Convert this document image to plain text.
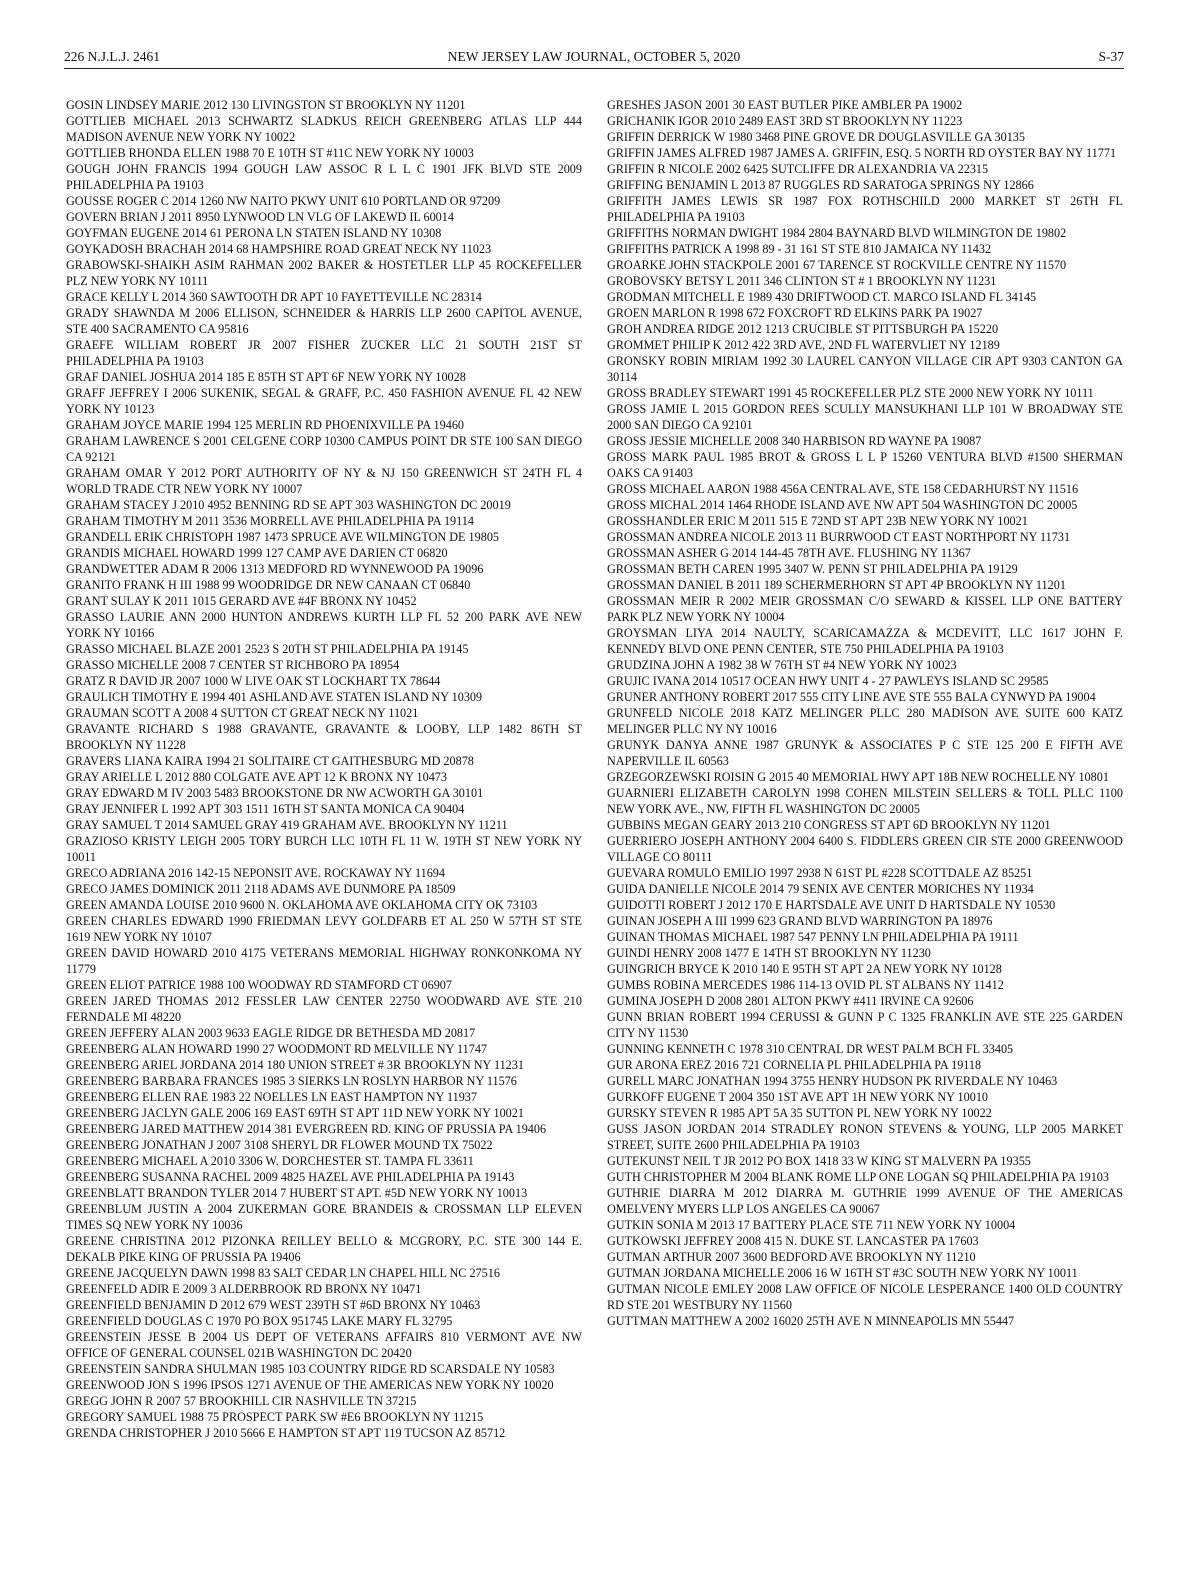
226 N.J.L.J. 2461	NEW JERSEY LAW JOURNAL, OCTOBER 5, 2020	S-37

GOSIN LINDSEY MARIE 2012 130 LIVINGSTON ST BROOKLYN NY 11201

GOTTLIEB MICHAEL 2013 SCHWARTZ SLADKUS REICH GREENBERG ATLAS LLP 444 MADISON AVENUE NEW YORK NY 10022

GOTTLIEB RHONDA ELLEN 1988 70 E 10TH ST #11C NEW YORK NY 10003

GOUGH JOHN FRANCIS 1994 GOUGH LAW ASSOC R L L C 1901 JFK BLVD STE 2009 PHILADELPHIA PA 19103

GOUSSE ROGER C 2014 1260 NW NAITO PKWY UNIT 610 PORTLAND OR 97209

GOVERN BRIAN J 2011 8950 LYNWOOD LN VLG OF LAKEWD IL 60014

GOYFMAN EUGENE 2014 61 PERONA LN STATEN ISLAND NY 10308

GOYKADOSH BRACHAH 2014 68 HAMPSHIRE ROAD GREAT NECK NY 11023

GRABOWSKI-SHAIKH ASIM RAHMAN 2002 BAKER & HOSTETLER LLP 45 ROCKEFELLER PLZ NEW YORK NY 10111

GRACE KELLY L 2014 360 SAWTOOTH DR APT 10 FAYETTEVILLE NC 28314

GRADY SHAWNDA M 2006 ELLISON, SCHNEIDER & HARRIS LLP 2600 CAPITOL AVENUE, STE 400 SACRAMENTO CA 95816

GRAEFE WILLIAM ROBERT JR 2007 FISHER ZUCKER LLC 21 SOUTH 21ST ST PHILADELPHIA PA 19103

GRAF DANIEL JOSHUA 2014 185 E 85TH ST APT 6F NEW YORK NY 10028

GRAFF JEFFREY I 2006 SUKENIK, SEGAL & GRAFF, P.C. 450 FASHION AVENUE FL 42 NEW YORK NY 10123

GRAHAM JOYCE MARIE 1994 125 MERLIN RD PHOENIXVILLE PA 19460

GRAHAM LAWRENCE S 2001 CELGENE CORP 10300 CAMPUS POINT DR STE 100 SAN DIEGO CA 92121

GRAHAM OMAR Y 2012 PORT AUTHORITY OF NY & NJ 150 GREENWICH ST 24TH FL 4 WORLD TRADE CTR NEW YORK NY 10007

GRAHAM STACEY J 2010 4952 BENNING RD SE APT 303 WASHINGTON DC 20019

GRAHAM TIMOTHY M 2011 3536 MORRELL AVE PHILADELPHIA PA 19114

GRANDELL ERIK CHRISTOPH 1987 1473 SPRUCE AVE WILMINGTON DE 19805

GRANDIS MICHAEL HOWARD 1999 127 CAMP AVE DARIEN CT 06820

GRANDWETTER ADAM R 2006 1313 MEDFORD RD WYNNEWOOD PA 19096

GRANITO FRANK H III 1988 99 WOODRIDGE DR NEW CANAAN CT 06840

GRANT SULAY K 2011 1015 GERARD AVE #4F BRONX NY 10452

GRASSO LAURIE ANN 2000 HUNTON ANDREWS KURTH LLP FL 52 200 PARK AVE NEW YORK NY 10166

GRASSO MICHAEL BLAZE 2001 2523 S 20TH ST PHILADELPHIA PA 19145

GRASSO MICHELLE 2008 7 CENTER ST RICHBORO PA 18954

GRATZ R DAVID JR 2007 1000 W LIVE OAK ST LOCKHART TX 78644

GRAULICH TIMOTHY E 1994 401 ASHLAND AVE STATEN ISLAND NY 10309

GRAUMAN SCOTT A 2008 4 SUTTON CT GREAT NECK NY 11021

GRAVANTE RICHARD S 1988 GRAVANTE, GRAVANTE & LOOBY, LLP 1482 86TH ST BROOKLYN NY 11228

GRAVERS LIANA KAIRA 1994 21 SOLITAIRE CT GAITHESBURG MD 20878

GRAY ARIELLE L 2012 880 COLGATE AVE APT 12 K BRONX NY 10473

GRAY EDWARD M IV 2003 5483 BROOKSTONE DR NW ACWORTH GA 30101

GRAY JENNIFER L 1992 APT 303 1511 16TH ST SANTA MONICA CA 90404

GRAY SAMUEL T 2014 SAMUEL GRAY 419 GRAHAM AVE. BROOKLYN NY 11211

GRAZIOSO KRISTY LEIGH 2005 TORY BURCH LLC 10TH FL 11 W. 19TH ST NEW YORK NY 10011

GRECO ADRIANA 2016 142-15 NEPONSIT AVE. ROCKAWAY NY 11694

GRECO JAMES DOMINICK 2011 2118 ADAMS AVE DUNMORE PA 18509

GREEN AMANDA LOUISE 2010 9600 N. OKLAHOMA AVE OKLAHOMA CITY OK 73103

GREEN CHARLES EDWARD 1990 FRIEDMAN LEVY GOLDFARB ET AL 250 W 57TH ST STE 1619 NEW YORK NY 10107

GREEN DAVID HOWARD 2010 4175 VETERANS MEMORIAL HIGHWAY RONKONKOMA NY 11779

GREEN ELIOT PATRICE 1988 100 WOODWAY RD STAMFORD CT 06907

GREEN JARED THOMAS 2012 FESSLER LAW CENTER 22750 WOODWARD AVE STE 210 FERNDALE MI 48220

GREEN JEFFERY ALAN 2003 9633 EAGLE RIDGE DR BETHESDA MD 20817

GREENBERG ALAN HOWARD 1990 27 WOODMONT RD MELVILLE NY 11747

GREENBERG ARIEL JORDANA 2014 180 UNION STREET # 3R BROOKLYN NY 11231

GREENBERG BARBARA FRANCES 1985 3 SIERKS LN ROSLYN HARBOR NY 11576

GREENBERG ELLEN RAE 1983 22 NOELLES LN EAST HAMPTON NY 11937

GREENBERG JACLYN GALE 2006 169 EAST 69TH ST APT 11D NEW YORK NY 10021

GREENBERG JARED MATTHEW 2014 381 EVERGREEN RD. KING OF PRUSSIA PA 19406

GREENBERG JONATHAN J 2007 3108 SHERYL DR FLOWER MOUND TX 75022

GREENBERG MICHAEL A 2010 3306 W. DORCHESTER ST. TAMPA FL 33611

GREENBERG SUSANNA RACHEL 2009 4825 HAZEL AVE PHILADELPHIA PA 19143

GREENBLATT BRANDON TYLER 2014 7 HUBERT ST APT. #5D NEW YORK NY 10013

GREENBLUM JUSTIN A 2004 ZUKERMAN GORE BRANDEIS & CROSSMAN LLP ELEVEN TIMES SQ NEW YORK NY 10036

GREENE CHRISTINA 2012 PIZONKA REILLEY BELLO & MCGRORY, P.C. STE 300 144 E. DEKALB PIKE KING OF PRUSSIA PA 19406

GREENE JACQUELYN DAWN 1998 83 SALT CEDAR LN CHAPEL HILL NC 27516

GREENFELD ADIR E 2009 3 ALDERBROOK RD BRONX NY 10471

GREENFIELD BENJAMIN D 2012 679 WEST 239TH ST #6D BRONX NY 10463

GREENFIELD DOUGLAS C 1970 PO BOX 951745 LAKE MARY FL 32795

GREENSTEIN JESSE B 2004 US DEPT OF VETERANS AFFAIRS 810 VERMONT AVE NW OFFICE OF GENERAL COUNSEL 021B WASHINGTON DC 20420

GREENSTEIN SANDRA SHULMAN 1985 103 COUNTRY RIDGE RD SCARSDALE NY 10583

GREENWOOD JON S 1996 IPSOS 1271 AVENUE OF THE AMERICAS NEW YORK NY 10020

GREGG JOHN R 2007 57 BROOKHILL CIR NASHVILLE TN 37215

GREGORY SAMUEL 1988 75 PROSPECT PARK SW #E6 BROOKLYN NY 11215

GRENDA CHRISTOPHER J 2010 5666 E HAMPTON ST APT 119 TUCSON AZ 85712

GRESHES JASON 2001 30 EAST BUTLER PIKE AMBLER PA 19002

GRICHANIK IGOR 2010 2489 EAST 3RD ST BROOKLYN NY 11223

GRIFFIN DERRICK W 1980 3468 PINE GROVE DR DOUGLASVILLE GA 30135

GRIFFIN JAMES ALFRED 1987 JAMES A. GRIFFIN, ESQ. 5 NORTH RD OYSTER BAY NY 11771

GRIFFIN R NICOLE 2002 6425 SUTCLIFFE DR ALEXANDRIA VA 22315

GRIFFING BENJAMIN L 2013 87 RUGGLES RD SARATOGA SPRINGS NY 12866

GRIFFITH JAMES LEWIS SR 1987 FOX ROTHSCHILD 2000 MARKET ST 26TH FL PHILADELPHIA PA 19103

GRIFFITHS NORMAN DWIGHT 1984 2804 BAYNARD BLVD WILMINGTON DE 19802

GRIFFITHS PATRICK A 1998 89 - 31 161 ST STE 810 JAMAICA NY 11432

GROARKE JOHN STACKPOLE 2001 67 TARENCE ST ROCKVILLE CENTRE NY 11570

GROBOVSKY BETSY L 2011 346 CLINTON ST # 1 BROOKLYN NY 11231

GRODMAN MITCHELL E 1989 430 DRIFTWOOD CT. MARCO ISLAND FL 34145

GROEN MARLON R 1998 672 FOXCROFT RD ELKINS PARK PA 19027

GROH ANDREA RIDGE 2012 1213 CRUCIBLE ST PITTSBURGH PA 15220

GROMMET PHILIP K 2012 422 3RD AVE, 2ND FL WATERVLIET NY 12189

GRONSKY ROBIN MIRIAM 1992 30 LAUREL CANYON VILLAGE CIR APT 9303 CANTON GA 30114

GROSS BRADLEY STEWART 1991 45 ROCKEFELLER PLZ STE 2000 NEW YORK NY 10111

GROSS JAMIE L 2015 GORDON REES SCULLY MANSUKHANI LLP 101 W BROADWAY STE 2000 SAN DIEGO CA 92101

GROSS JESSIE MICHELLE 2008 340 HARBISON RD WAYNE PA 19087

GROSS MARK PAUL 1985 BROT & GROSS L L P 15260 VENTURA BLVD #1500 SHERMAN OAKS CA 91403

GROSS MICHAEL AARON 1988 456A CENTRAL AVE, STE 158 CEDARHURST NY 11516

GROSS MICHAL 2014 1464 RHODE ISLAND AVE NW APT 504 WASHINGTON DC 20005

GROSSHANDLER ERIC M 2011 515 E 72ND ST APT 23B NEW YORK NY 10021

GROSSMAN ANDREA NICOLE 2013 11 BURRWOOD CT EAST NORTHPORT NY 11731

GROSSMAN ASHER G 2014 144-45 78TH AVE. FLUSHING NY 11367

GROSSMAN BETH CAREN 1995 3407 W. PENN ST PHILADELPHIA PA 19129

GROSSMAN DANIEL B 2011 189 SCHERMERHORN ST APT 4P BROOKLYN NY 11201

GROSSMAN MEIR R 2002 MEIR GROSSMAN C/O SEWARD & KISSEL LLP ONE BATTERY PARK PLZ NEW YORK NY 10004

GROYSMAN LIYA 2014 NAULTY, SCARICAMAZZA & MCDEVITT, LLC 1617 JOHN F. KENNEDY BLVD ONE PENN CENTER, STE 750 PHILADELPHIA PA 19103

GRUDZINA JOHN A 1982 38 W 76TH ST #4 NEW YORK NY 10023

GRUJIC IVANA 2014 10517 OCEAN HWY UNIT 4 - 27 PAWLEYS ISLAND SC 29585

GRUNER ANTHONY ROBERT 2017 555 CITY LINE AVE STE 555 BALA CYNWYD PA 19004

GRUNFELD NICOLE 2018 KATZ MELINGER PLLC 280 MADISON AVE SUITE 600 KATZ MELINGER PLLC NY NY 10016

GRUNYK DANYA ANNE 1987 GRUNYK & ASSOCIATES P C STE 125 200 E FIFTH AVE NAPERVILLE IL 60563

GRZEGORZEWSKI ROISIN G 2015 40 MEMORIAL HWY APT 18B NEW ROCHELLE NY 10801

GUARNIERI ELIZABETH CAROLYN 1998 COHEN MILSTEIN SELLERS & TOLL PLLC 1100 NEW YORK AVE., NW, FIFTH FL WASHINGTON DC 20005

GUBBINS MEGAN GEARY 2013 210 CONGRESS ST APT 6D BROOKLYN NY 11201

GUERRIERO JOSEPH ANTHONY 2004 6400 S. FIDDLERS GREEN CIR STE 2000 GREENWOOD VILLAGE CO 80111

GUEVARA ROMULO EMILIO 1997 2938 N 61ST PL #228 SCOTTDALE AZ 85251

GUIDA DANIELLE NICOLE 2014 79 SENIX AVE CENTER MORICHES NY 11934

GUIDOTTI ROBERT J 2012 170 E HARTSDALE AVE UNIT D HARTSDALE NY 10530

GUINAN JOSEPH A III 1999 623 GRAND BLVD WARRINGTON PA 18976

GUINAN THOMAS MICHAEL 1987 547 PENNY LN PHILADELPHIA PA 19111

GUINDI HENRY 2008 1477 E 14TH ST BROOKLYN NY 11230

GUINGRICH BRYCE K 2010 140 E 95TH ST APT 2A NEW YORK NY 10128

GUMBS ROBINA MERCEDES 1986 114-13 OVID PL ST ALBANS NY 11412

GUMINA JOSEPH D 2008 2801 ALTON PKWY #411 IRVINE CA 92606

GUNN BRIAN ROBERT 1994 CERUSSI & GUNN P C 1325 FRANKLIN AVE STE 225 GARDEN CITY NY 11530

GUNNING KENNETH C 1978 310 CENTRAL DR WEST PALM BCH FL 33405

GUR ARONA EREZ 2016 721 CORNELIA PL PHILADELPHIA PA 19118

GURELL MARC JONATHAN 1994 3755 HENRY HUDSON PK RIVERDALE NY 10463

GURKOFF EUGENE T 2004 350 1ST AVE APT 1H NEW YORK NY 10010

GURSKY STEVEN R 1985 APT 5A 35 SUTTON PL NEW YORK NY 10022

GUSS JASON JORDAN 2014 STRADLEY RONON STEVENS & YOUNG, LLP 2005 MARKET STREET, SUITE 2600 PHILADELPHIA PA 19103

GUTEKUNST NEIL T JR 2012 PO BOX 1418 33 W KING ST MALVERN PA 19355

GUTH CHRISTOPHER M 2004 BLANK ROME LLP ONE LOGAN SQ PHILADELPHIA PA 19103

GUTHRIE DIARRA M 2012 DIARRA M. GUTHRIE 1999 AVENUE OF THE AMERICAS OMELVENY MYERS LLP LOS ANGELES CA 90067

GUTKIN SONIA M 2013 17 BATTERY PLACE STE 711 NEW YORK NY 10004

GUTKOWSKI JEFFREY 2008 415 N. DUKE ST. LANCASTER PA 17603

GUTMAN ARTHUR 2007 3600 BEDFORD AVE BROOKLYN NY 11210

GUTMAN JORDANA MICHELLE 2006 16 W 16TH ST #3C SOUTH NEW YORK NY 10011

GUTMAN NICOLE EMLEY 2008 LAW OFFICE OF NICOLE LESPERANCE 1400 OLD COUNTRY RD STE 201 WESTBURY NY 11560

GUTTMAN MATTHEW A 2002 16020 25TH AVE N MINNEAPOLIS MN 55447
